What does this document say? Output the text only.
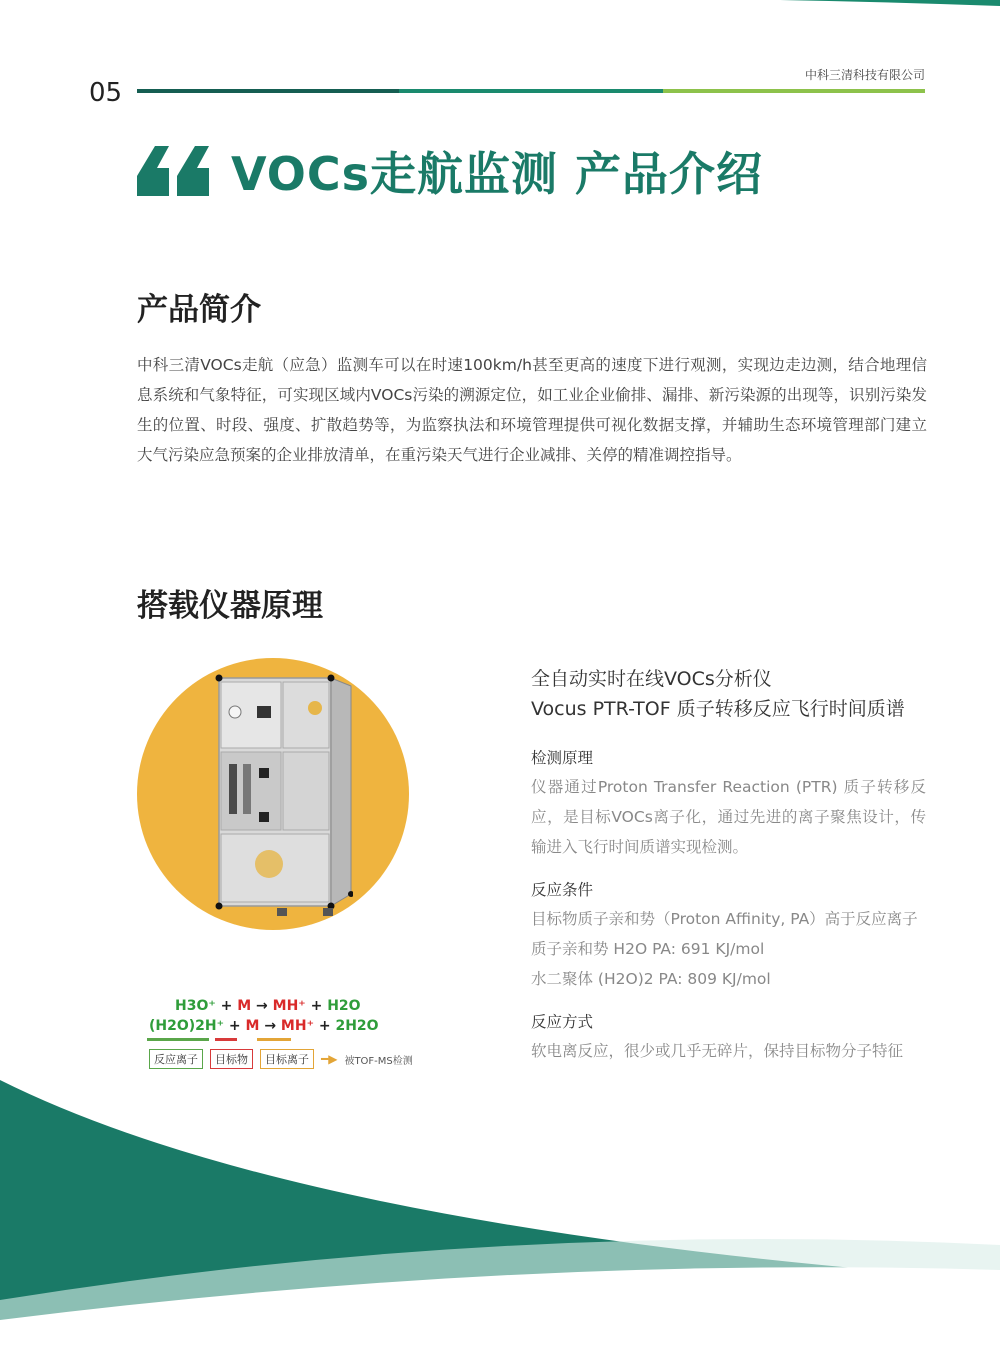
05
中科三清科技有限公司
VOCs走航监测 产品介绍
产品简介
中科三清VOCs走航（应急）监测车可以在时速100km/h甚至更高的速度下进行观测，实现边走边测，结合地理信息系统和气象特征，可实现区域内VOCs污染的溯源定位，如工业企业偷排、漏排、新污染源的出现等，识别污染发生的位置、时段、强度、扩散趋势等，为监察执法和环境管理提供可视化数据支撑，并辅助生态环境管理部门建立大气污染应急预案的企业排放清单，在重污染天气进行企业减排、关停的精准调控指导。
搭载仪器原理
H3O⁺ + M → MH⁺ + H2O
(H2O)2H⁺ + M → MH⁺ + 2H2O
反应离子	目标物	目标离子	━▶ 被TOF-MS检测
全自动实时在线VOCs分析仪
Vocus PTR-TOF 质子转移反应飞行时间质谱
检测原理
仪器通过Proton Transfer Reaction (PTR) 质子转移反应，是目标VOCs离子化，通过先进的离子聚焦设计，传输进入飞行时间质谱实现检测。
反应条件
目标物质子亲和势（Proton Affinity, PA）高于反应离子
质子亲和势 H2O PA: 691 KJ/mol
水二聚体 (H2O)2 PA: 809 KJ/mol
反应方式
软电离反应，很少或几乎无碎片，保持目标物分子特征
